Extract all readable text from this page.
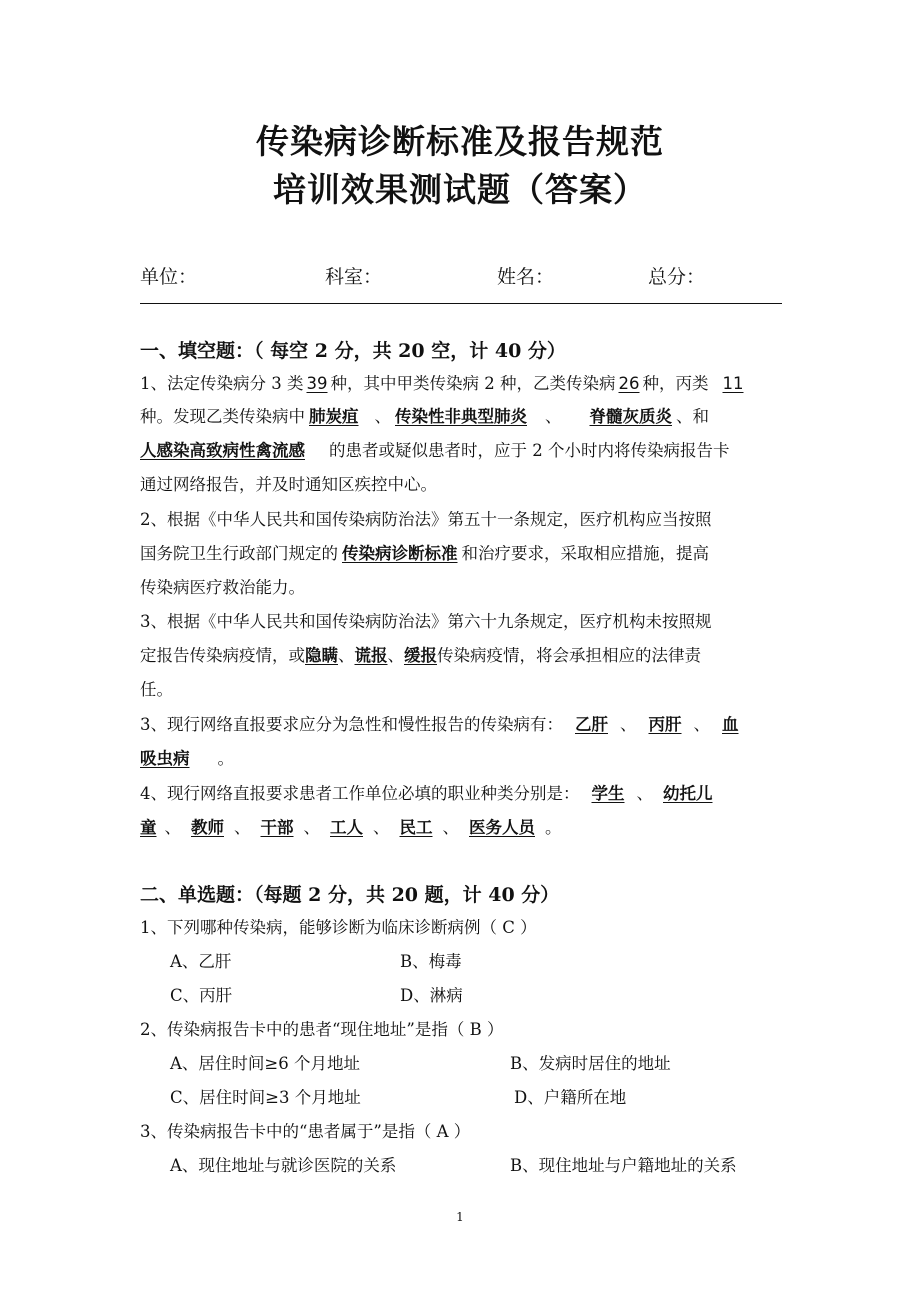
传染病诊断标准及报告规范
培训效果测试题（答案）
单位：	科室：	姓名：	总分：
一、填空题：（ 每空 2 分，共 20 空，计 40 分）
1、法定传染病分 3 类 39 种，其中甲类传染病 2 种，乙类传染病 26 种，丙类 11
种。发现乙类传染病中 肺炭疽 、 传染性非典型肺炎 、 脊髓灰质炎 、和
人感染高致病性禽流感 的患者或疑似患者时，应于 2 个小时内将传染病报告卡
通过网络报告，并及时通知区疾控中心。
2、根据《中华人民共和国传染病防治法》第五十一条规定，医疗机构应当按照
国务院卫生行政部门规定的 传染病诊断标准 和治疗要求，采取相应措施，提高
传染病医疗救治能力。
3、根据《中华人民共和国传染病防治法》第六十九条规定，医疗机构未按照规
定报告传染病疫情，或隐瞒、谎报、缓报传染病疫情，将会承担相应的法律责
任。
3、现行网络直报要求应分为急性和慢性报告的传染病有： 乙肝 、 丙肝 、 血
吸虫病 。
4、现行网络直报要求患者工作单位必填的职业种类分别是： 学生 、 幼托儿
童 、 教师 、 干部 、 工人 、 民工 、 医务人员 。
二、单选题：（每题 2 分，共 20 题，计 40 分）
1、下列哪种传染病，能够诊断为临床诊断病例（ C ）
A、乙肝	B、梅毒
C、丙肝	D、淋病
2、传染病报告卡中的患者“现住地址”是指（ B ）
A、居住时间≥6 个月地址	B、发病时居住的地址
C、居住时间≥3 个月地址	D、户籍所在地
3、传染病报告卡中的“患者属于”是指（ A ）
A、现住地址与就诊医院的关系	B、现住地址与户籍地址的关系
1
